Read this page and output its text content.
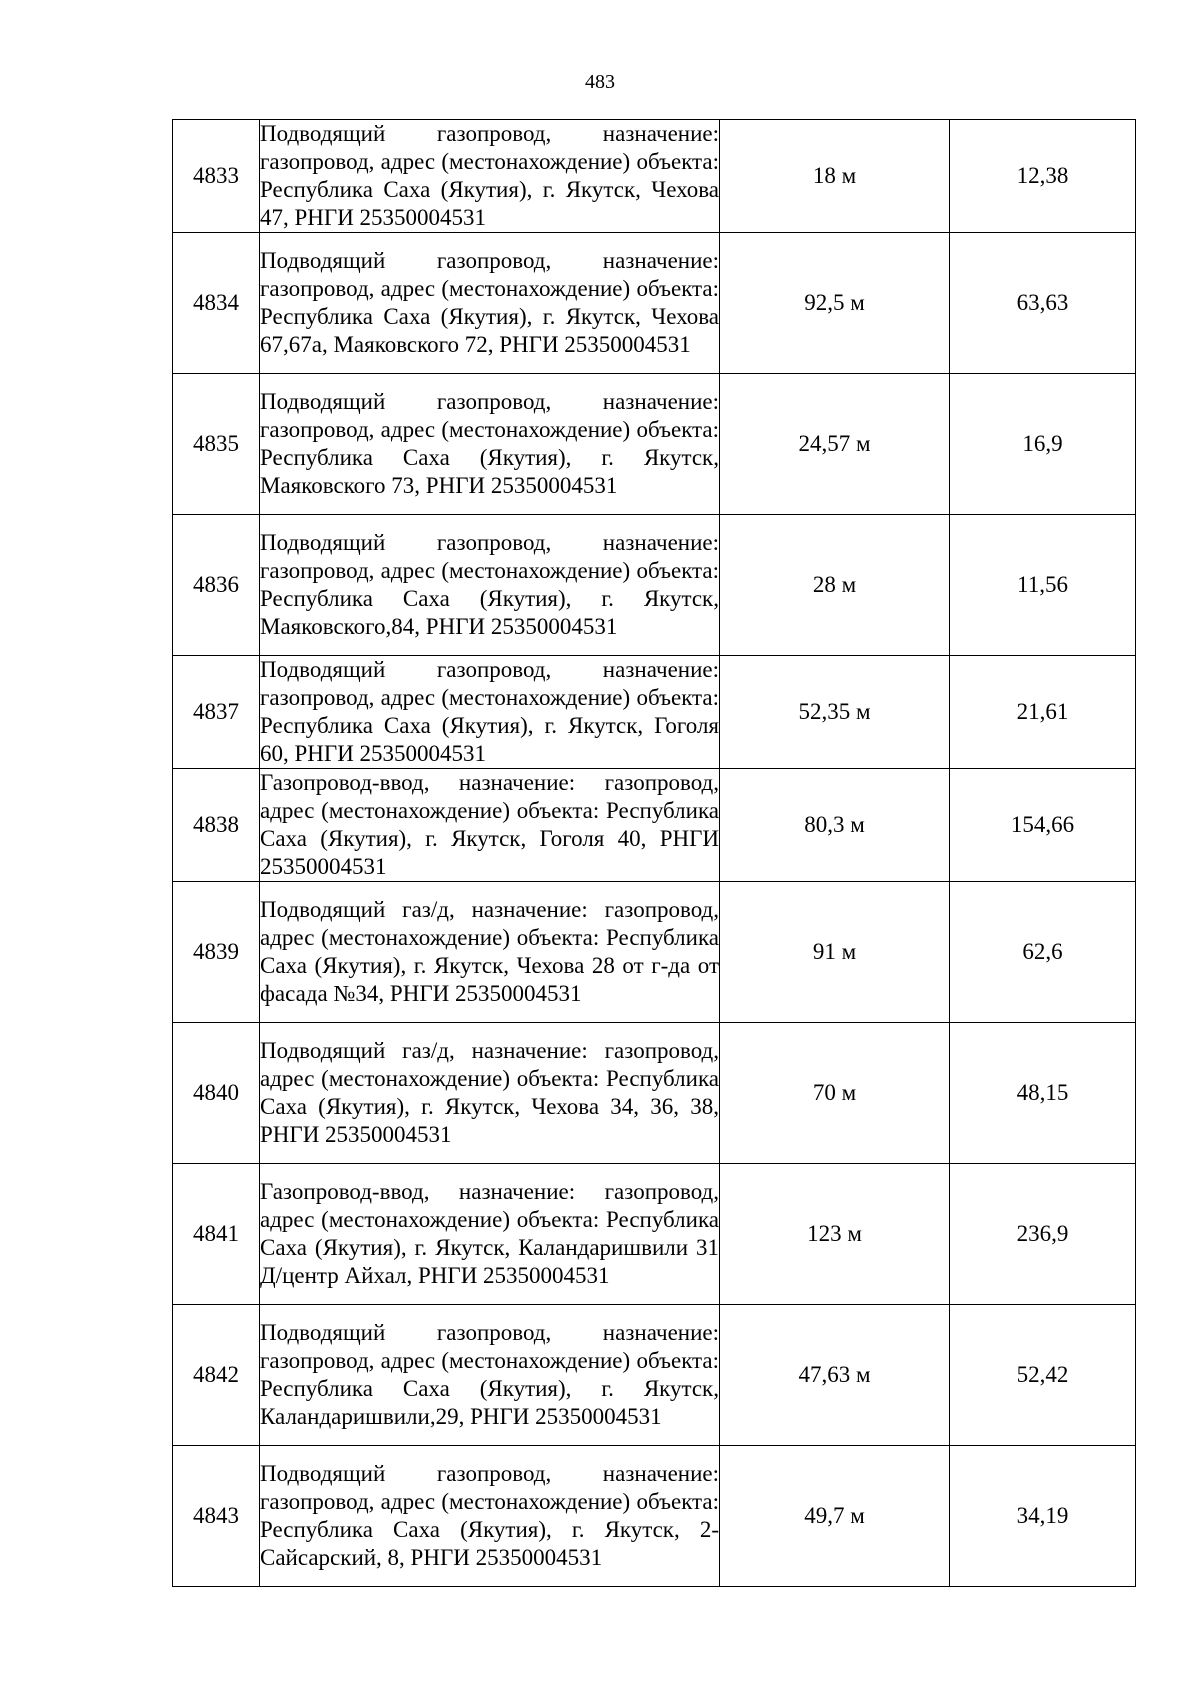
483
4833	Подводящий газопровод, назначение: газопровод, адрес (местонахождение) объекта: Республика Саха (Якутия), г. Якутск, Чехова 47, РНГИ 25350004531	18 м	12,38
4834	Подводящий газопровод, назначение: газопровод, адрес (местонахождение) объекта: Республика Саха (Якутия), г. Якутск, Чехова 67,67а, Маяковского 72, РНГИ 25350004531	92,5 м	63,63
4835	Подводящий газопровод, назначение: газопровод, адрес (местонахождение) объекта: Республика Саха (Якутия), г. Якутск, Маяковского 73, РНГИ 25350004531	24,57 м	16,9
4836	Подводящий газопровод, назначение: газопровод, адрес (местонахождение) объекта: Республика Саха (Якутия), г. Якутск, Маяковского,84, РНГИ 25350004531	28 м	11,56
4837	Подводящий газопровод, назначение: газопровод, адрес (местонахождение) объекта: Республика Саха (Якутия), г. Якутск, Гоголя 60, РНГИ 25350004531	52,35 м	21,61
4838	Газопровод-ввод, назначение: газопровод, адрес (местонахождение) объекта: Республика Саха (Якутия), г. Якутск, Гоголя 40, РНГИ 25350004531	80,3 м	154,66
4839	Подводящий газ/д, назначение: газопровод, адрес (местонахождение) объекта: Республика Саха (Якутия), г. Якутск, Чехова 28 от г-да от фасада №34, РНГИ 25350004531	91 м	62,6
4840	Подводящий газ/д, назначение: газопровод, адрес (местонахождение) объекта: Республика Саха (Якутия), г. Якутск, Чехова 34, 36, 38, РНГИ 25350004531	70 м	48,15
4841	Газопровод-ввод, назначение: газопровод, адрес (местонахождение) объекта: Республика Саха (Якутия), г. Якутск, Каландаришвили 31 Д/центр Айхал, РНГИ 25350004531	123 м	236,9
4842	Подводящий газопровод, назначение: газопровод, адрес (местонахождение) объекта: Республика Саха (Якутия), г. Якутск, Каландаришвили,29, РНГИ 25350004531	47,63 м	52,42
4843	Подводящий газопровод, назначение: газопровод, адрес (местонахождение) объекта: Республика Саха (Якутия), г. Якутск, 2-Сайсарский, 8, РНГИ 25350004531	49,7 м	34,19
